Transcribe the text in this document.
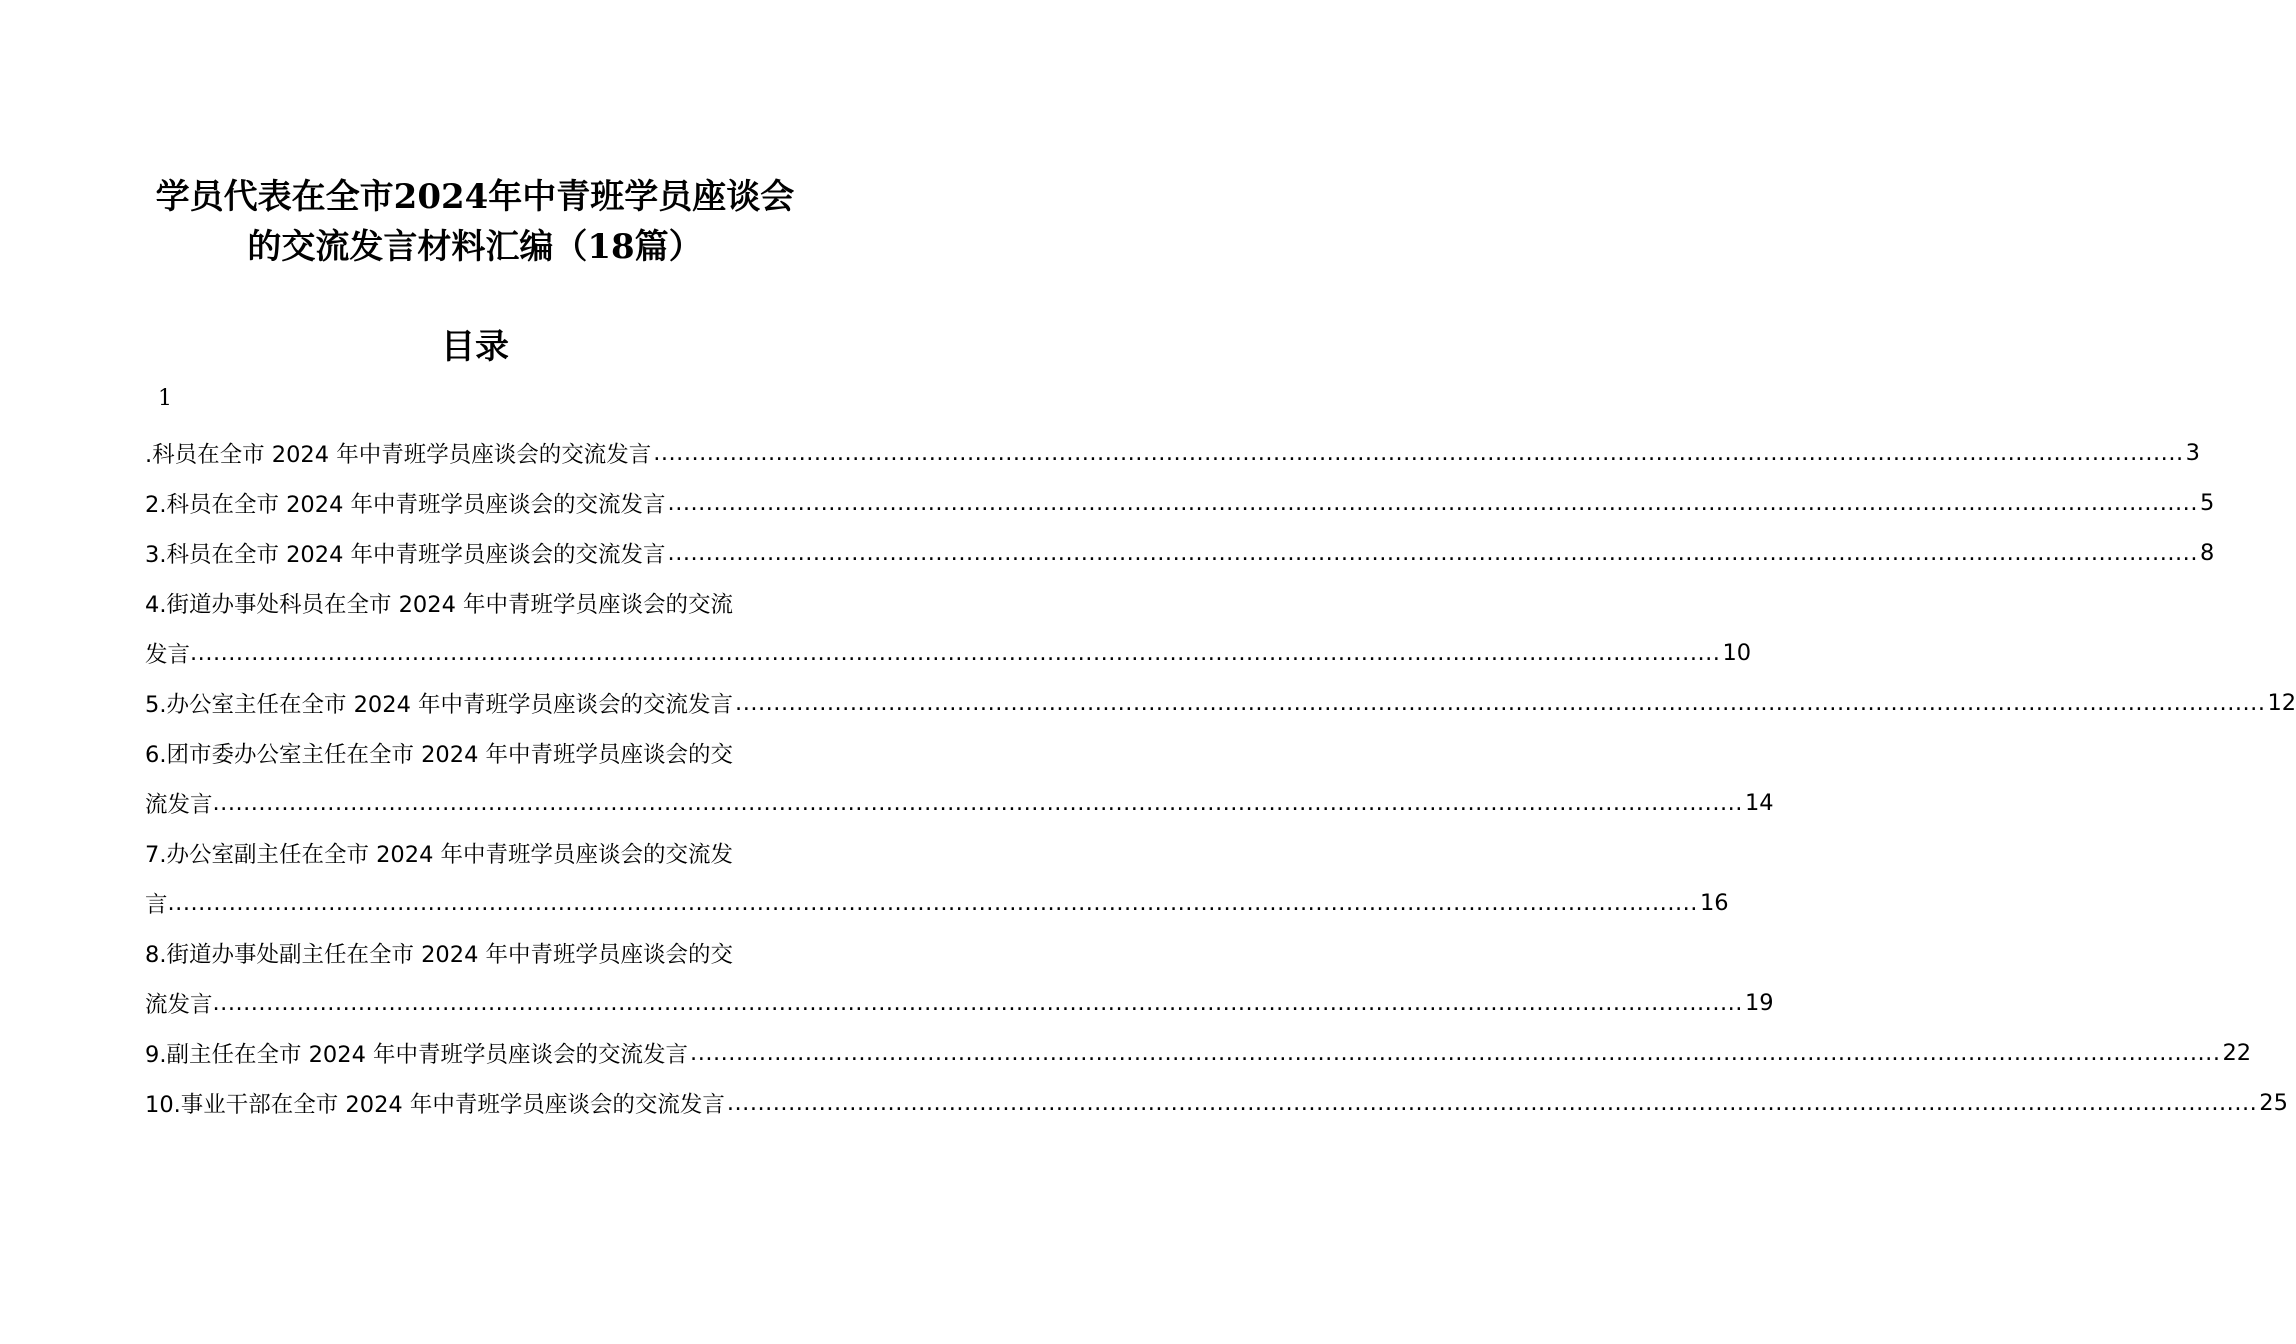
学员代表在全市2024年中青班学员座谈会
的交流发言材料汇编（18篇）
目录
1
.科员在全市 2024 年中青班学员座谈会的交流发言 ........................................................................................................................................................................................................ 3
2.科员在全市 2024 年中青班学员座谈会的交流发言 ........................................................................................................................................................................................................ 5
3.科员在全市 2024 年中青班学员座谈会的交流发言 ........................................................................................................................................................................................................ 8
4.街道办事处科员在全市 2024 年中青班学员座谈会的交流
发言 ........................................................................................................................................................................................................ 10
5.办公室主任在全市 2024 年中青班学员座谈会的交流发言 ........................................................................................................................................................................................................ 12
6.团市委办公室主任在全市 2024 年中青班学员座谈会的交
流发言 ........................................................................................................................................................................................................ 14
7.办公室副主任在全市 2024 年中青班学员座谈会的交流发
言 ........................................................................................................................................................................................................ 16
8.街道办事处副主任在全市 2024 年中青班学员座谈会的交
流发言 ........................................................................................................................................................................................................ 19
9.副主任在全市 2024 年中青班学员座谈会的交流发言 ........................................................................................................................................................................................................ 22
10.事业干部在全市 2024 年中青班学员座谈会的交流发言 ........................................................................................................................................................................................................ 25
